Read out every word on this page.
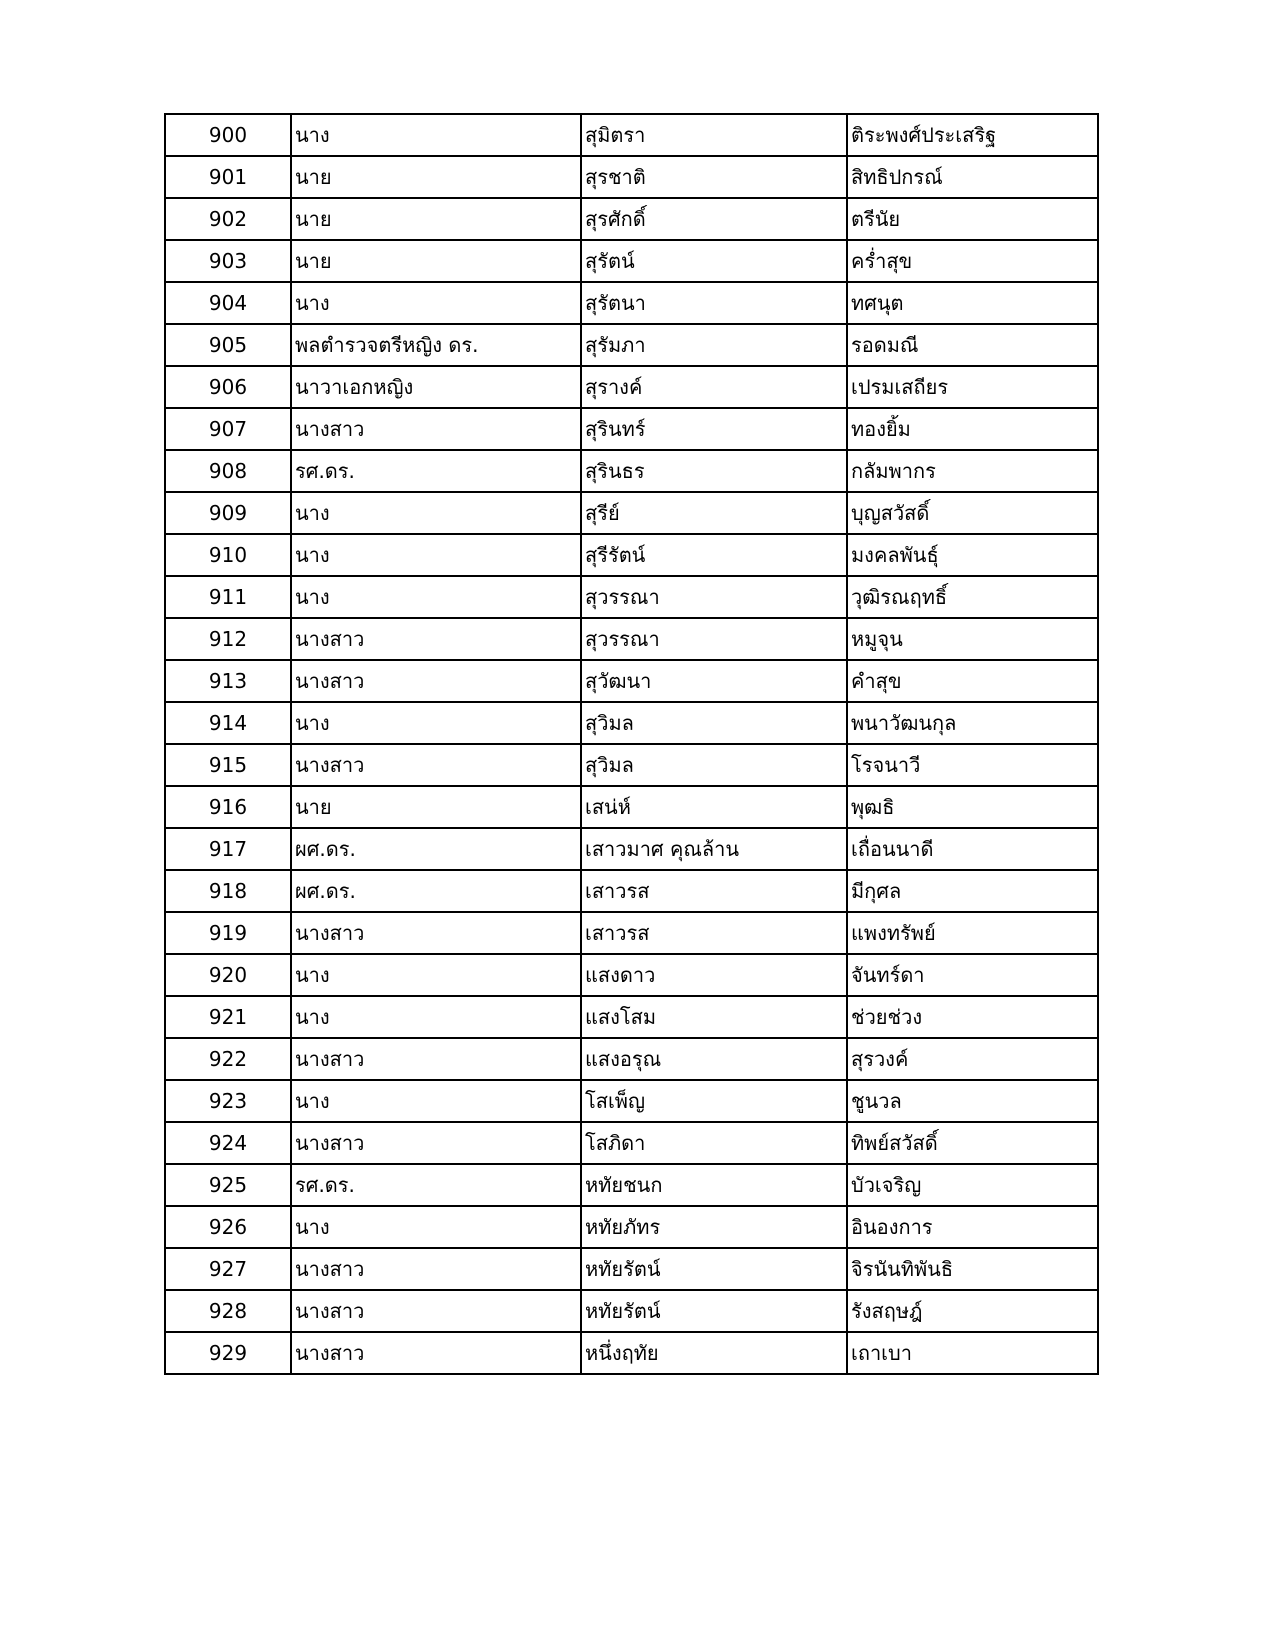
900	นาง	สุมิตรา	ติระพงศ์ประเสริฐ
901	นาย	สุรชาติ	สิทธิปกรณ์
902	นาย	สุรศักดิ์	ตรีนัย
903	นาย	สุรัตน์	คร่ำสุข
904	นาง	สุรัตนา	ทศนุต
905	พลตำรวจตรีหญิง ดร.	สุรัมภา	รอดมณี
906	นาวาเอกหญิง	สุรางค์	เปรมเสถียร
907	นางสาว	สุรินทร์	ทองยิ้ม
908	รศ.ดร.	สุรินธร	กลัมพากร
909	นาง	สุรีย์	บุญสวัสดิ์
910	นาง	สุรีรัตน์	มงคลพันธุ์
911	นาง	สุวรรณา	วุฒิรณฤทธิ์
912	นางสาว	สุวรรณา	หมูจุน
913	นางสาว	สุวัฒนา	คำสุข
914	นาง	สุวิมล	พนาวัฒนกุล
915	นางสาว	สุวิมล	โรจนาวี
916	นาย	เสน่ห์	พุฒธิ
917	ผศ.ดร.	เสาวมาศ คุณล้าน	เถื่อนนาดี
918	ผศ.ดร.	เสาวรส	มีกุศล
919	นางสาว	เสาวรส	แพงทรัพย์
920	นาง	แสงดาว	จันทร์ดา
921	นาง	แสงโสม	ช่วยช่วง
922	นางสาว	แสงอรุณ	สุรวงค์
923	นาง	โสเพ็ญ	ชูนวล
924	นางสาว	โสภิดา	ทิพย์สวัสดิ์
925	รศ.ดร.	หทัยชนก	บัวเจริญ
926	นาง	หทัยภัทร	อินองการ
927	นางสาว	หทัยรัตน์	จิรนันทิพันธิ
928	นางสาว	หทัยรัตน์	รังสฤษฎ์
929	นางสาว	หนึ่งฤทัย	เถาเบา
